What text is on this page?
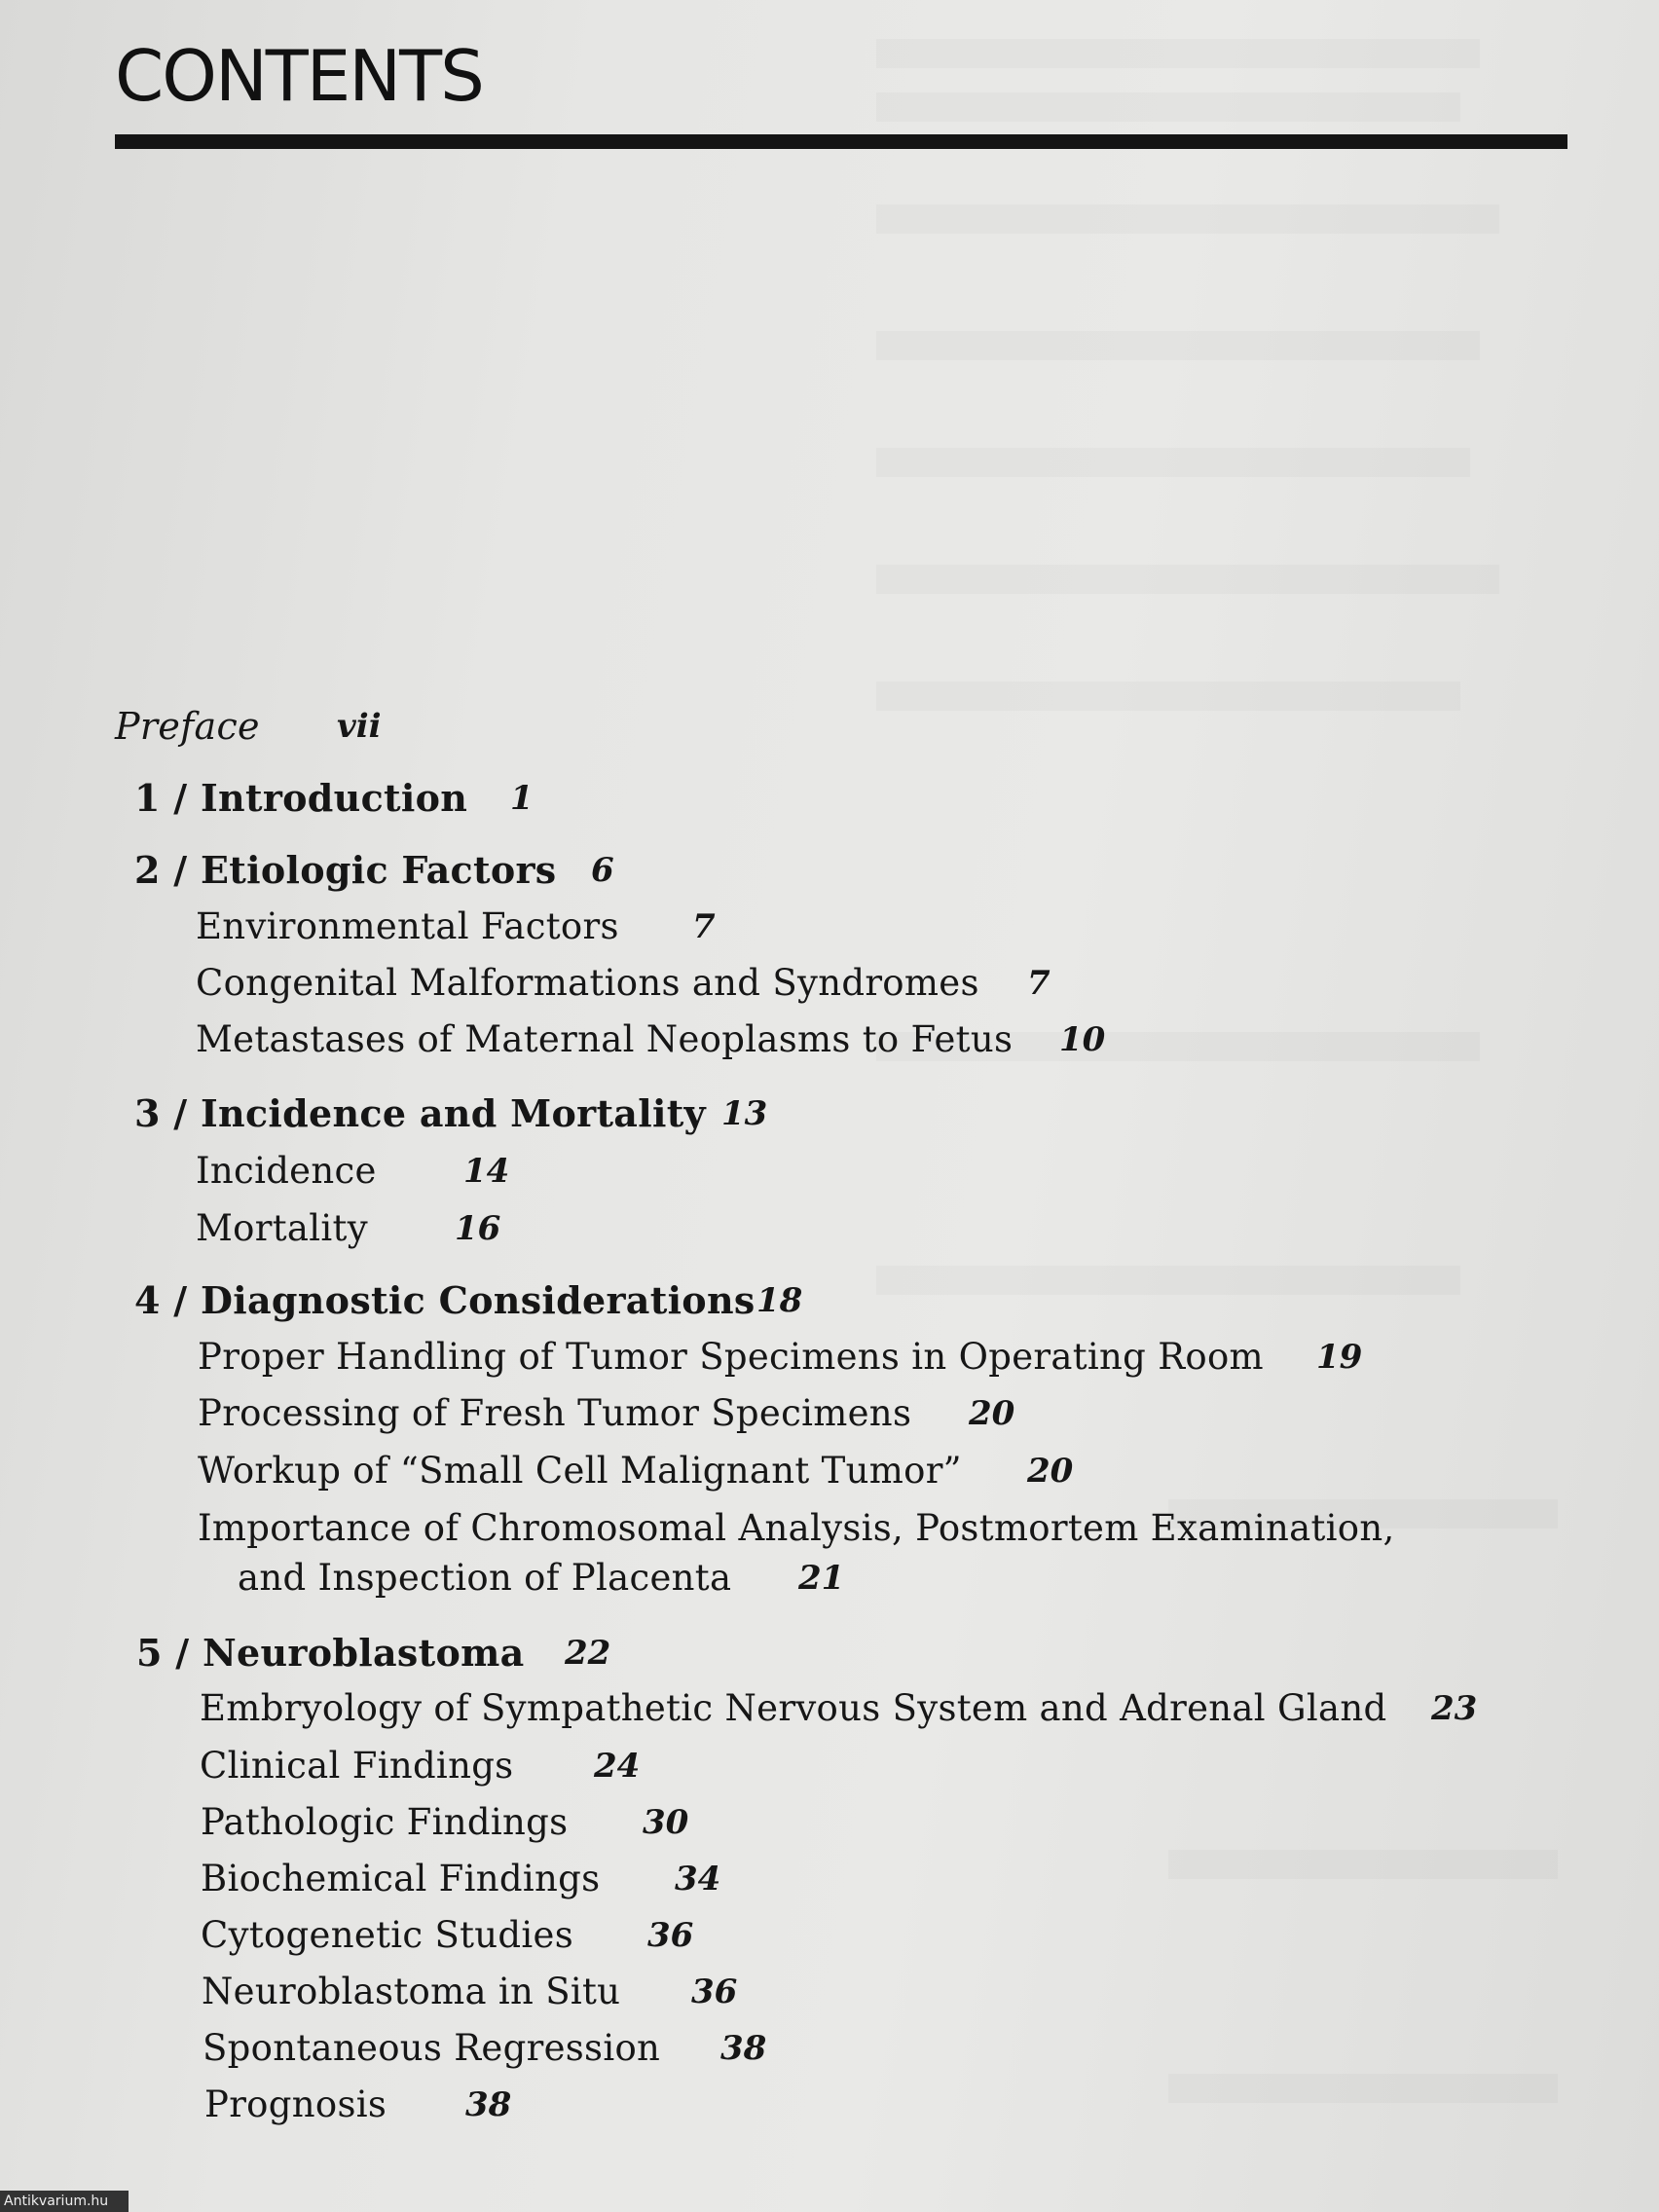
CONTENTS
Preface vii
1 / Introduction 1
2 / Etiologic Factors 6
Environmental Factors 7
Congenital Malformations and Syndromes 7
Metastases of Maternal Neoplasms to Fetus 10
3 / Incidence and Mortality 13
Incidence	14
Mortality	16
4 / Diagnostic Considerations 18
Proper Handling of Tumor Specimens in Operating Room 19
Processing of Fresh Tumor Specimens 20
Workup of “Small Cell Malignant Tumor” 20
Importance of Chromosomal Analysis, Postmortem Examination,
and Inspection of Placenta 21
5 / Neuroblastoma 22
Embryology of Sympathetic Nervous System and Adrenal Gland 23
Clinical Findings 24
Pathologic Findings 30
Biochemical Findings 34
Cytogenetic Studies 36
Neuroblastoma in Situ 36
Spontaneous Regression 38
Prognosis 38
Antikvarium.hu
